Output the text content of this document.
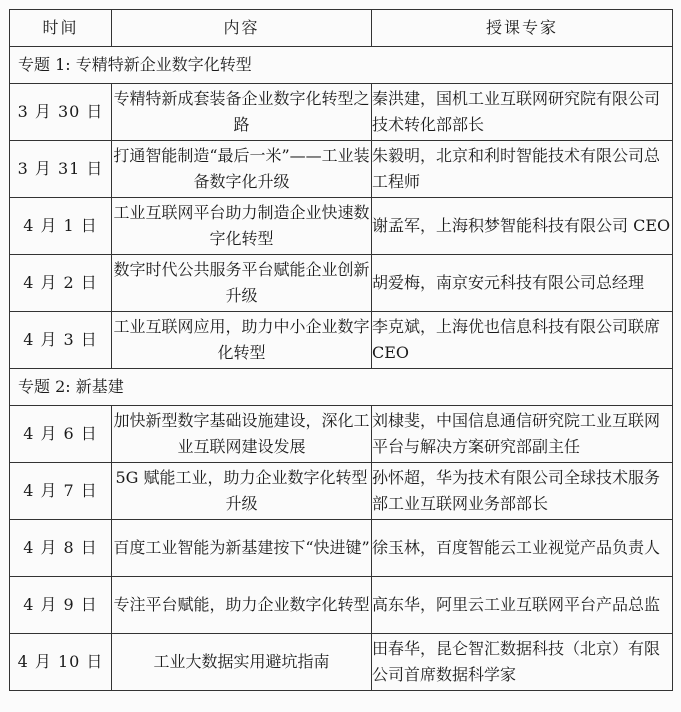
时间	内容	授课专家
专题 1: 专精特新企业数字化转型		
3 月 30 日	专精特新成套装备企业数字化转型之路	秦洪建，国机工业互联网研究院有限公司技术转化部部长
3 月 31 日	打通智能制造“最后一米”——工业装备数字化升级	朱毅明，北京和利时智能技术有限公司总工程师
4 月 1 日	工业互联网平台助力制造企业快速数字化转型	谢孟军，上海积梦智能科技有限公司 CEO
4 月 2 日	数字时代公共服务平台赋能企业创新升级	胡爱梅，南京安元科技有限公司总经理
4 月 3 日	工业互联网应用，助力中小企业数字化转型	李克斌，上海优也信息科技有限公司联席 CEO
专题 2: 新基建		
4 月 6 日	加快新型数字基础设施建设，深化工业互联网建设发展	刘棣斐，中国信息通信研究院工业互联网平台与解决方案研究部副主任
4 月 7 日	5G 赋能工业，助力企业数字化转型升级	孙怀超，华为技术有限公司全球技术服务部工业互联网业务部部长
4 月 8 日	百度工业智能为新基建按下“快进键”	徐玉林，百度智能云工业视觉产品负责人
4 月 9 日	专注平台赋能，助力企业数字化转型	高东华，阿里云工业互联网平台产品总监
4 月 10 日	工业大数据实用避坑指南	田春华，昆仑智汇数据科技（北京）有限公司首席数据科学家
